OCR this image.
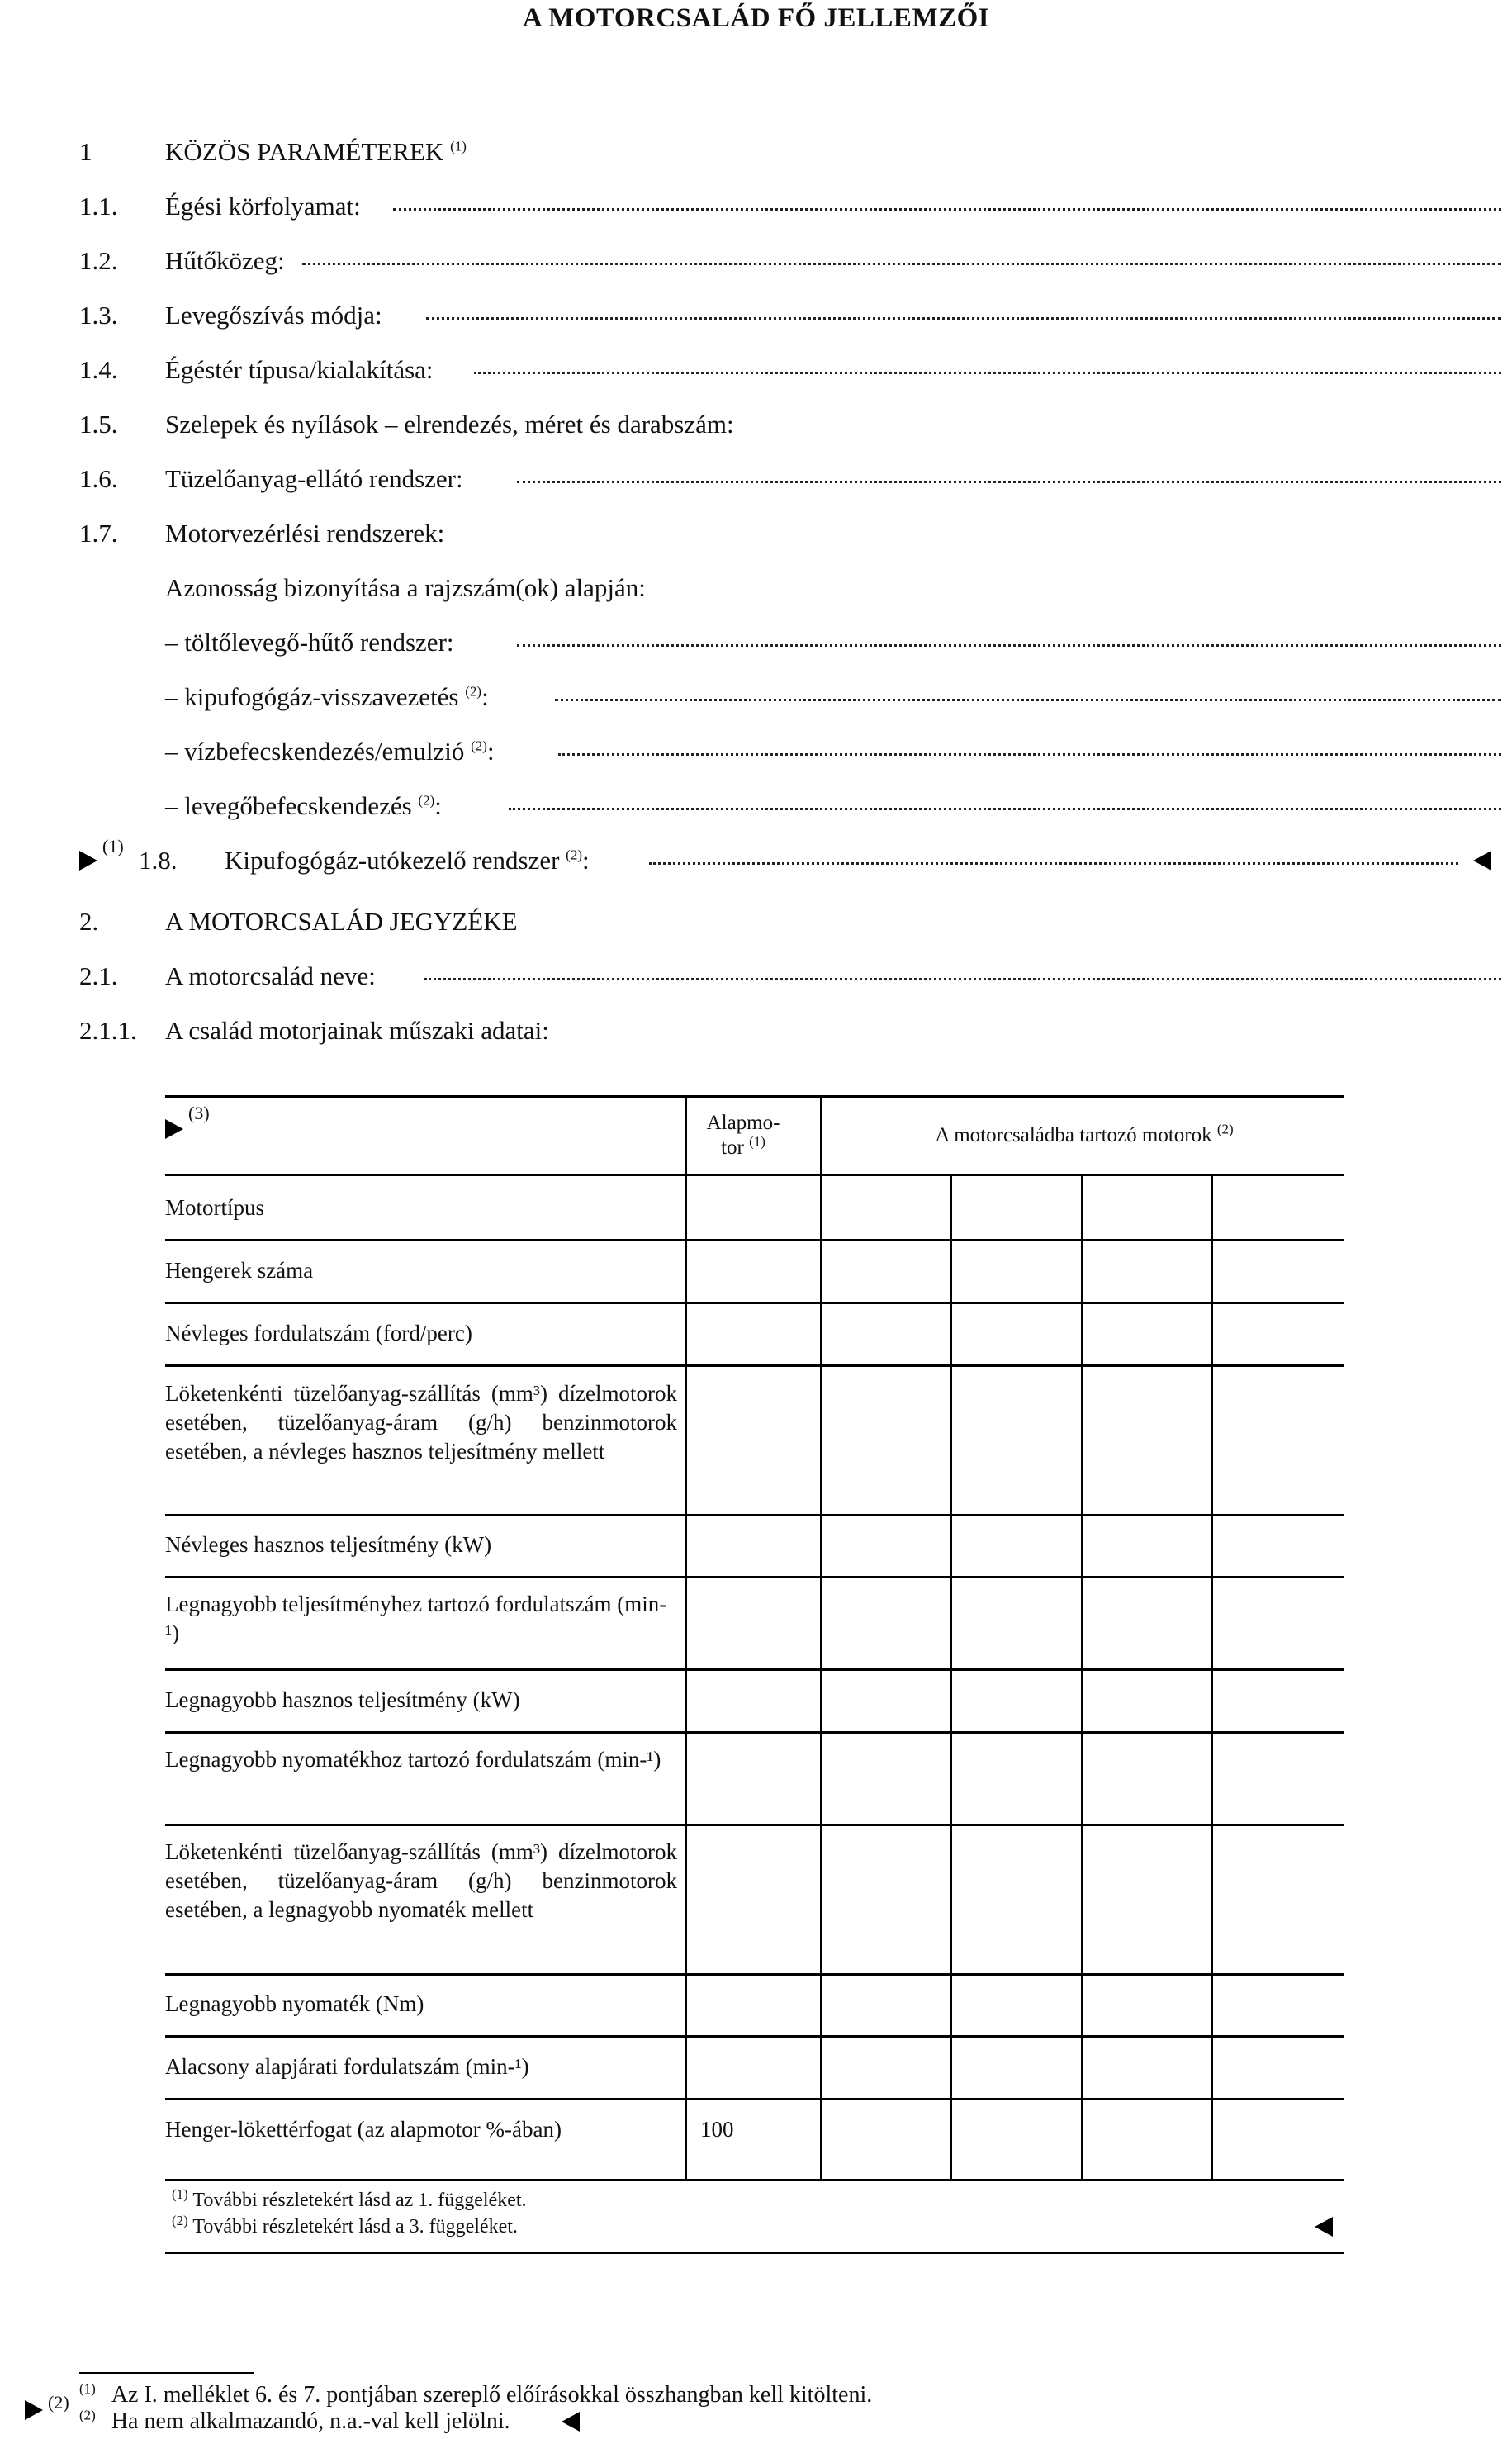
A MOTORCSALÁD FŐ JELLEMZŐI
1	KÖZÖS PARAMÉTEREK $^{(1)}$
1.1. Égési körfolyamat:
1.2. Hűtőközeg:
1.3. Levegőszívás módja:
1.4. Égéstér típusa/kialakítása:
1.5. Szelepek és nyílások – elrendezés, méret és darabszám:
1.6. Tüzelőanyag-ellátó rendszer:
1.7. Motorvezérlési rendszerek:
Azonosság bizonyítása a rajzszám(ok) alapján:
– töltőlevegő-hűtő rendszer:
– kipufogógáz-visszavezetés $^{(2)}$:
– vízbefecskendezés/emulzió $^{(2)}$:
– levegőbefecskendezés $^{(2)}$:
(1) 1.8. Kipufogógáz-utókezelő rendszer $^{(2)}$:
2.	A MOTORCSALÁD JEGYZÉKE
2.1. A motorcsalád neve:
2.1.1. A család motorjainak műszaki adatai:
(3)	Alapmo-
tor $^{(1)}$	A motorcsaládba tartozó motorok $^{(2)}$
Motortípus
Hengerek száma
Névleges fordulatszám (ford/perc)
Löketenkénti tüzelőanyag-szállítás (mm³) dízelmotorok esetében, tüzelőanyag-áram (g/h) benzinmotorok esetében, a névleges hasznos teljesítmény mellett
Névleges hasznos teljesítmény (kW)
Legnagyobb teljesítményhez tartozó fordulatszám (min-¹)
Legnagyobb hasznos teljesítmény (kW)
Legnagyobb nyomatékhoz tartozó fordulatszám (min-¹)
Löketenkénti tüzelőanyag-szállítás (mm³) dízelmotorok esetében, tüzelőanyag-áram (g/h) benzinmotorok esetében, a legnagyobb nyomaték mellett
Legnagyobb nyomaték (Nm)
Alacsony alapjárati fordulatszám (min-¹)
Henger-lökettérfogat (az alapmotor %-ában)	100
$^{(1)}$ További részletekért lásd az 1. függeléket.
$^{(2)}$ További részletekért lásd a 3. függeléket.
(2)
$^{(1)}$ Az I. melléklet 6. és 7. pontjában szereplő előírásokkal összhangban kell kitölteni.
$^{(2)}$ Ha nem alkalmazandó, n.a.-val kell jelölni.
